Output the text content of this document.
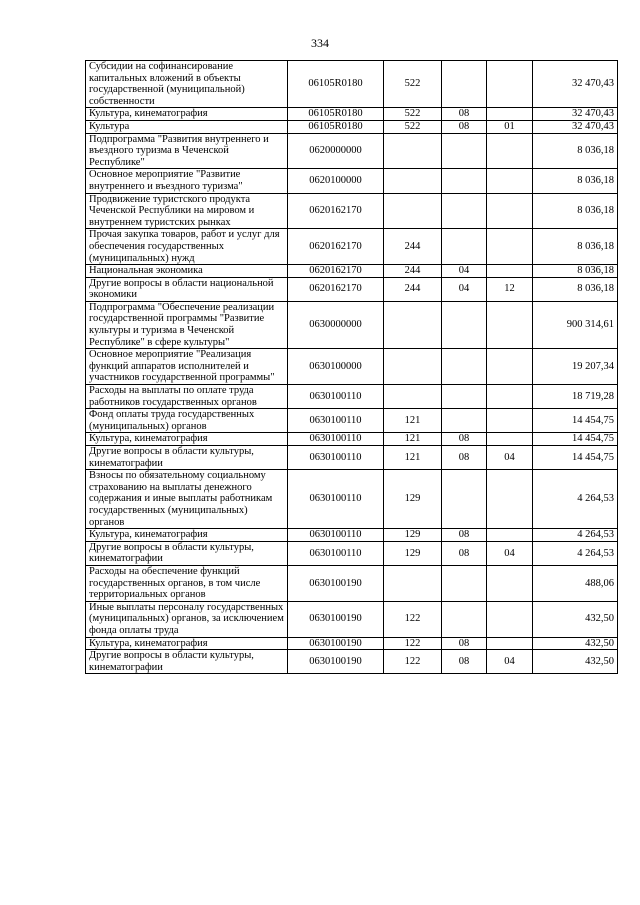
334
Субсидии на софинансирование капитальных вложений в объекты государственной (муниципальной) собственности	06105R0180	522			32 470,43
Культура, кинематография	06105R0180	522	08		32 470,43
Культура	06105R0180	522	08	01	32 470,43
Подпрограмма "Развития внутреннего и въездного туризма в Чеченской Республике"	0620000000				8 036,18
Основное мероприятие "Развитие внутреннего и въездного туризма"	0620100000				8 036,18
Продвижение туристского продукта Чеченской Республики на мировом и внутреннем туристских рынках	0620162170				8 036,18
Прочая закупка товаров, работ и услуг для обеспечения государственных (муниципальных) нужд	0620162170	244			8 036,18
Национальная экономика	0620162170	244	04		8 036,18
Другие вопросы в области национальной экономики	0620162170	244	04	12	8 036,18
Подпрограмма "Обеспечение реализации государственной программы "Развитие культуры и туризма в Чеченской Республике" в сфере культуры"	0630000000				900 314,61
Основное мероприятие "Реализация функций аппаратов исполнителей и участников государственной программы"	0630100000				19 207,34
Расходы на выплаты по оплате труда работников государственных органов	0630100110				18 719,28
Фонд оплаты труда государственных (муниципальных) органов	0630100110	121			14 454,75
Культура, кинематография	0630100110	121	08		14 454,75
Другие вопросы в области культуры, кинематографии	0630100110	121	08	04	14 454,75
Взносы по обязательному социальному страхованию на выплаты денежного содержания и иные выплаты работникам государственных (муниципальных) органов	0630100110	129			4 264,53
Культура, кинематография	0630100110	129	08		4 264,53
Другие вопросы в области культуры, кинематографии	0630100110	129	08	04	4 264,53
Расходы на обеспечение функций государственных органов, в том числе территориальных органов	0630100190				488,06
Иные выплаты персоналу государственных (муниципальных) органов, за исключением фонда оплаты труда	0630100190	122			432,50
Культура, кинематография	0630100190	122	08		432,50
Другие вопросы в области культуры, кинематографии	0630100190	122	08	04	432,50
